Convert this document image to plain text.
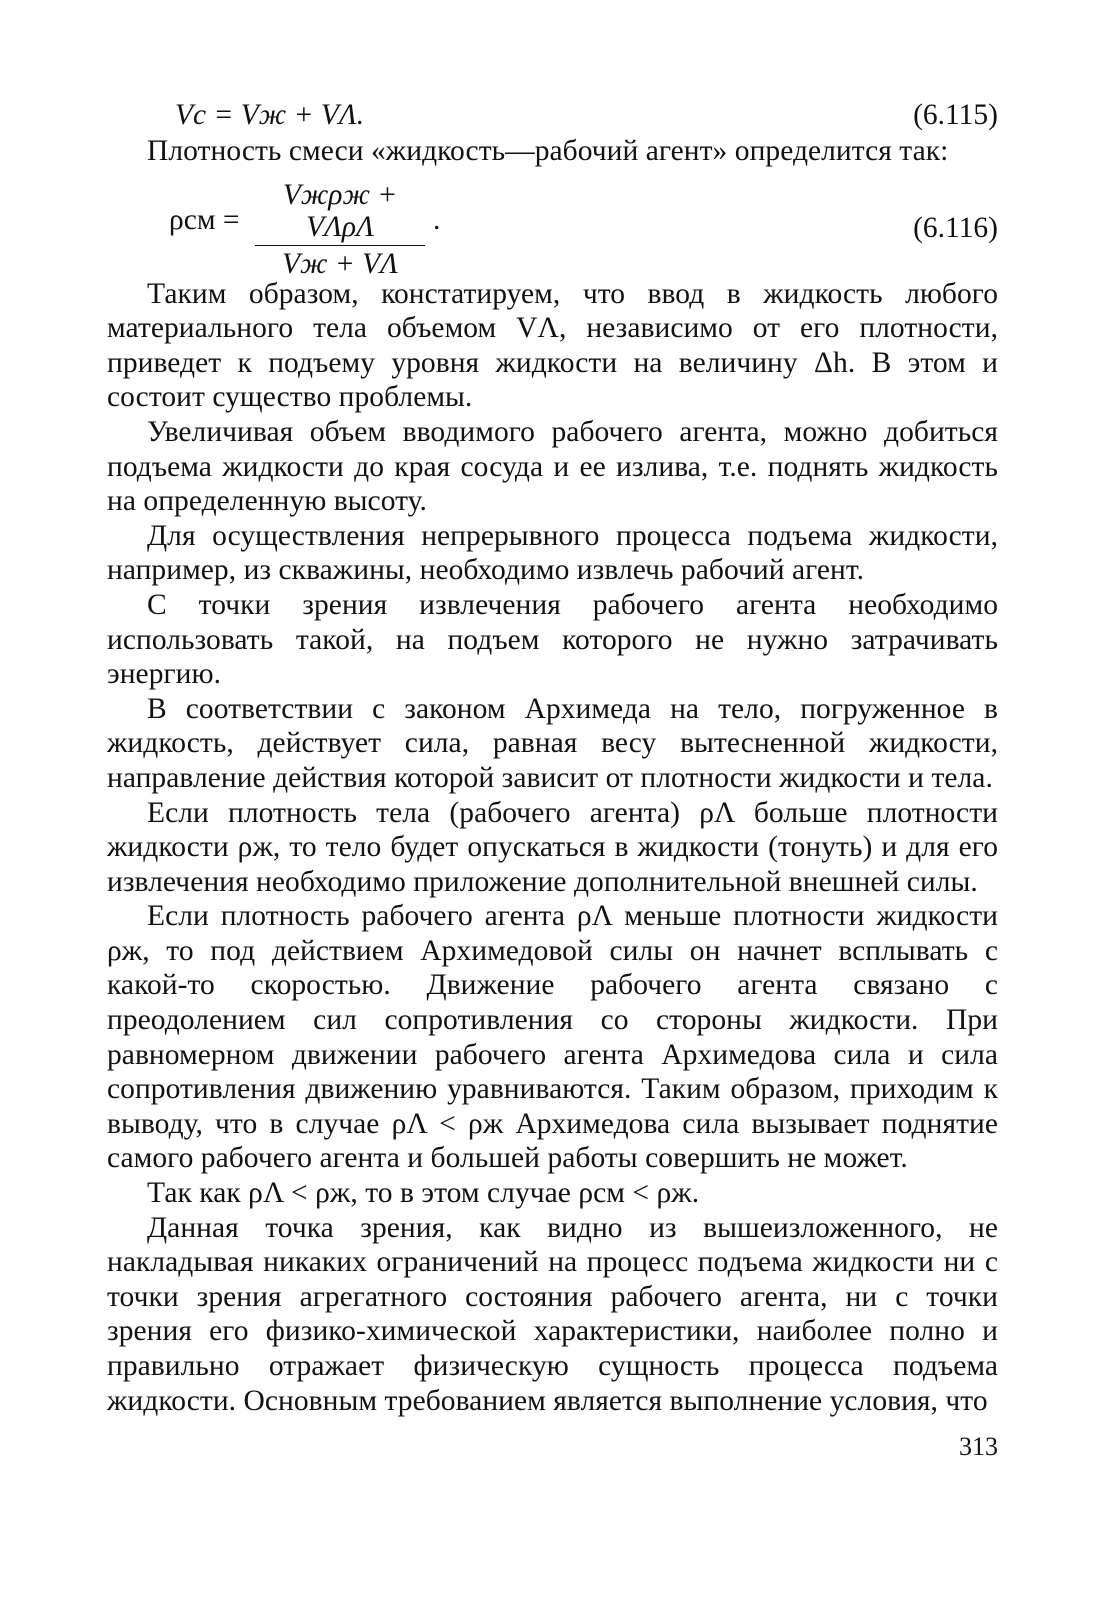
Vс = Vж + VΛ.	(6.115)

Плотность смеси «жидкость—рабочий агент» определится так:

ρсм =
Vжρж + VΛρΛ
Vж + VΛ
.	(6.116)

Таким образом, констатируем, что ввод в жидкость любого материального тела объемом VΛ, независимо от его плотности, приведет к подъему уровня жидкости на величину Δh. В этом и состоит существо проблемы.

Увеличивая объем вводимого рабочего агента, можно добиться подъема жидкости до края сосуда и ее излива, т.е. поднять жидкость на определенную высоту.

Для осуществления непрерывного процесса подъема жидкости, например, из скважины, необходимо извлечь рабочий агент.

С точки зрения извлечения рабочего агента необходимо использовать такой, на подъем которого не нужно затрачивать энергию.

В соответствии с законом Архимеда на тело, погруженное в жидкость, действует сила, равная весу вытесненной жидкости, направление действия которой зависит от плотности жидкости и тела.

Если плотность тела (рабочего агента) ρΛ больше плотности жидкости ρж, то тело будет опускаться в жидкости (тонуть) и для его извлечения необходимо приложение дополнительной внешней силы.

Если плотность рабочего агента ρΛ меньше плотности жидкости ρж, то под действием Архимедовой силы он начнет всплывать с какой-то скоростью. Движение рабочего агента связано с преодолением сил сопротивления со стороны жидкости. При равномерном движении рабочего агента Архимедова сила и сила сопротивления движению уравниваются. Таким образом, приходим к выводу, что в случае ρΛ < ρж Архимедова сила вызывает поднятие самого рабочего агента и большей работы совершить не может.

Так как ρΛ < ρж, то в этом случае ρсм < ρж.

Данная точка зрения, как видно из вышеизложенного, не накладывая никаких ограничений на процесс подъема жидкости ни с точки зрения агрегатного состояния рабочего агента, ни с точки зрения его физико-химической характеристики, наиболее полно и правильно отражает физическую сущность процесса подъема жидкости. Основным требованием является выполнение условия, что

313
